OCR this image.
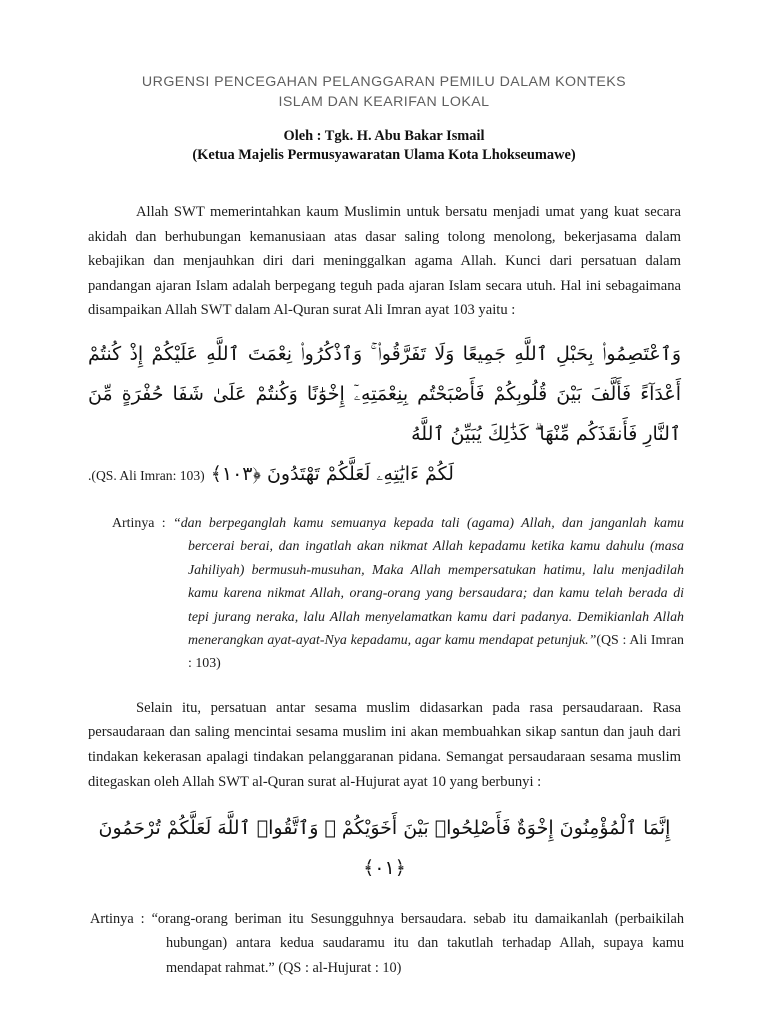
URGENSI PENCEGAHAN PELANGGARAN PEMILU DALAM KONTEKS
ISLAM DAN KEARIFAN LOKAL
Oleh : Tgk. H. Abu Bakar Ismail
(Ketua Majelis Permusyawaratan Ulama Kota Lhokseumawe)

Allah SWT memerintahkan kaum Muslimin untuk bersatu menjadi umat yang kuat secara akidah dan berhubungan kemanusiaan atas dasar saling tolong menolong, bekerjasama dalam kebajikan dan menjauhkan diri dari meninggalkan agama Allah. Kunci dari persatuan dalam pandangan ajaran Islam adalah berpegang teguh pada ajaran Islam secara utuh. Hal ini sebagaimana disampaikan Allah SWT dalam Al-Quran surat Ali Imran ayat 103 yaitu :

وَٱعْتَصِمُوا۟ بِحَبْلِ ٱللَّهِ جَمِيعًا وَلَا تَفَرَّقُوا۟ ۚ وَٱذْكُرُوا۟ نِعْمَتَ ٱللَّهِ عَلَيْكُمْ إِذْ كُنتُمْ أَعْدَآءً فَأَلَّفَ بَيْنَ قُلُوبِكُمْ فَأَصْبَحْتُم بِنِعْمَتِهِۦٓ إِخْوَٰنًا وَكُنتُمْ عَلَىٰ شَفَا حُفْرَةٍ مِّنَ ٱلنَّارِ فَأَنقَذَكُم مِّنْهَا ۗ كَذَٰلِكَ يُبَيِّنُ ٱللَّهُ
لَكُمْ ءَايَٰتِهِۦ لَعَلَّكُمْ تَهْتَدُونَ ﴿١٠٣﴾ (QS. Ali Imran: 103).

Artinya : “dan berpeganglah kamu semuanya kepada tali (agama) Allah, dan janganlah kamu bercerai berai, dan ingatlah akan nikmat Allah kepadamu ketika kamu dahulu (masa Jahiliyah) bermusuh-musuhan, Maka Allah mempersatukan hatimu, lalu menjadilah kamu karena nikmat Allah, orang-orang yang bersaudara; dan kamu telah berada di tepi jurang neraka, lalu Allah menyelamatkan kamu dari padanya. Demikianlah Allah menerangkan ayat-ayat-Nya kepadamu, agar kamu mendapat petunjuk.”(QS : Ali Imran : 103)

Selain itu, persatuan antar sesama muslim didasarkan pada rasa persaudaraan. Rasa persaudaraan dan saling mencintai sesama muslim ini akan membuahkan sikap santun dan jauh dari tindakan kekerasan apalagi tindakan pelanggaranan pidana. Semangat persaudaraan sesama muslim ditegaskan oleh Allah SWT al-Quran surat al-Hujurat ayat 10 yang berbunyi :

إِنَّمَا ٱلْمُؤْمِنُونَ إِخْوَةٌ فَأَصْلِحُوا۟ بَيْنَ أَخَوَيْكُمْ ۚ وَٱتَّقُوا۟ ٱللَّهَ لَعَلَّكُمْ تُرْحَمُونَ ﴿١٠﴾

Artinya : “orang-orang beriman itu Sesungguhnya bersaudara. sebab itu damaikanlah (perbaikilah hubungan) antara kedua saudaramu itu dan takutlah terhadap Allah, supaya kamu mendapat rahmat.” (QS : al-Hujurat : 10)
